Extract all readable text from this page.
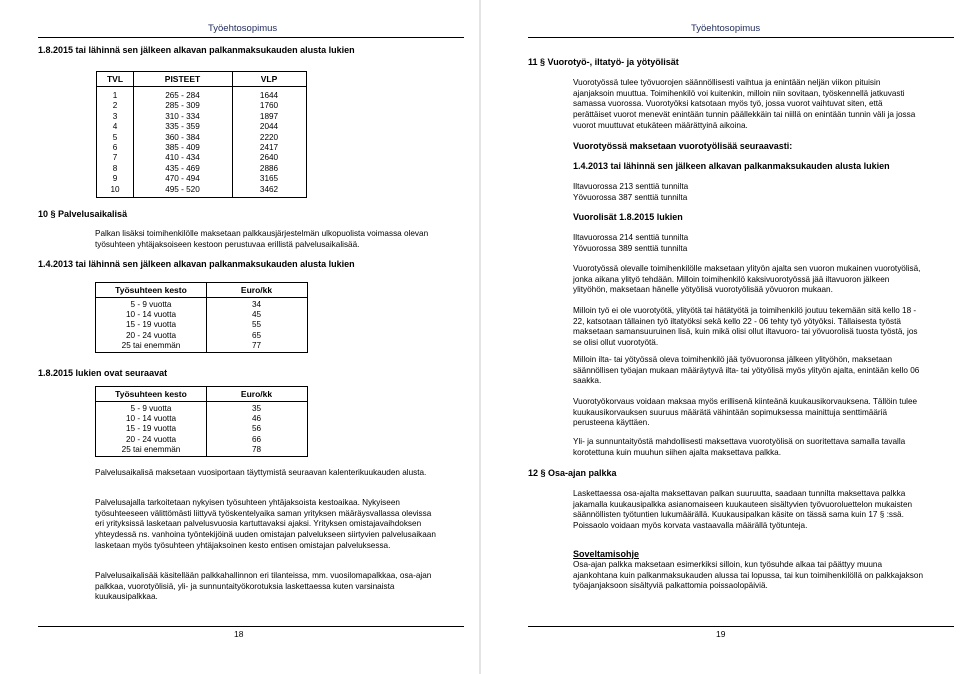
Työehtosopimus
1.8.2015 tai lähinnä sen jälkeen alkavan palkanmaksukauden alusta lukien
TVL	PISTEET	VLP
1	265 - 284	1644
2	285 - 309	1760
3	310 - 334	1897
4	335 - 359	2044
5	360 - 384	2220
6	385 - 409	2417
7	410 - 434	2640
8	435 - 469	2886
9	470 - 494	3165
10	495 - 520	3462
10 § Palvelusaikalisä
Palkan lisäksi toimihenkilölle maksetaan palkkausjärjestelmän ulkopuolista voimassa olevan työsuhteen yhtäjaksoiseen kestoon perustuvaa erillistä palvelusaikalisää.
1.4.2013 tai lähinnä sen jälkeen alkavan palkanmaksukauden alusta lukien
Työsuhteen kesto	Euro/kk
5 - 9 vuotta	34
10 - 14 vuotta	45
15 - 19 vuotta	55
20 - 24 vuotta	65
25 tai enemmän	77
1.8.2015 lukien ovat seuraavat
Työsuhteen kesto	Euro/kk
5 - 9 vuotta	35
10 - 14 vuotta	46
15 - 19 vuotta	56
20 - 24 vuotta	66
25 tai enemmän	78
Palvelusaikalisä maksetaan vuosiportaan täyttymistä seuraavan kalenterikuukauden alusta.
Palvelusajalla tarkoitetaan nykyisen työsuhteen yhtäjaksoista kestoaikaa. Nykyiseen työsuhteeseen välittömästi liittyvä työskentelyaika saman yrityksen määräysvallassa olevissa eri yrityksissä lasketaan palvelusvuosia kartuttavaksi ajaksi. Yrityksen omistajavaihdoksen yhteydessä ns. vanhoina työntekijöinä uuden omistajan palvelukseen siirtyvien palvelusaikaan lasketaan myös työsuhteen yhtäjaksoinen kesto entisen omistajan palveluksessa.
Palvelusaikalisää käsitellään palkkahallinnon eri tilanteissa, mm. vuosilomapalkkaa, osa-ajan palkkaa, vuorotyölisiä, yli- ja sunnuntaityökorotuksia laskettaessa kuten varsinaista kuukausipalkkaa.
18
Työehtosopimus
11 § Vuorotyö-, iltatyö- ja yötyölisät
Vuorotyössä tulee työvuorojen säännöllisesti vaihtua ja enintään neljän viikon pituisin ajanjaksoin muuttua. Toimihenkilö voi kuitenkin, milloin niin sovitaan, työskennellä jatkuvasti samassa vuorossa. Vuorotyöksi katsotaan myös työ, jossa vuorot vaihtuvat siten, että perättäiset vuorot menevät enintään tunnin päällekkäin tai niillä on enintään tunnin väli ja jossa vuorot muuttuvat etukäteen määrättyinä aikoina.
Vuorotyössä maksetaan vuorotyölisää seuraavasti:
1.4.2013 tai lähinnä sen jälkeen alkavan palkanmaksukauden alusta lukien
Iltavuorossa 213 senttiä tunnilta
Yövuorossa 387 senttiä tunnilta
Vuorolisät 1.8.2015 lukien
Iltavuorossa 214 senttiä tunnilta
Yövuorossa 389 senttiä tunnilta
Vuorotyössä olevalle toimihenkilölle maksetaan ylityön ajalta sen vuoron mukainen vuorotyölisä, jonka aikana ylityö tehdään. Milloin toimihenkilö kaksivuorotyössä jää iltavuoron jälkeen ylityöhön, maksetaan hänelle yötyölisä vuorotyölisää yövuoron mukaan.
Milloin työ ei ole vuorotyötä, ylityötä tai hätätyötä ja toimihenkilö joutuu tekemään sitä kello 18 - 22, katsotaan tällainen työ iltatyöksi sekä kello 22 - 06 tehty työ yötyöksi. Tällaisesta työstä maksetaan samansuuruinen lisä, kuin mikä olisi ollut iltavuoro- tai yövuorolisä tuosta työstä, jos se olisi ollut vuorotyötä.
Milloin ilta- tai yötyössä oleva toimihenkilö jää työvuoronsa jälkeen ylityöhön, maksetaan säännöllisen työajan mukaan määräytyvä ilta- tai yötyölisä myös ylityön ajalta, enintään kello 06 saakka.
Vuorotyökorvaus voidaan maksaa myös erillisenä kiinteänä kuukausikorvauksena. Tällöin tulee kuukausikorvauksen suuruus määrätä vähintään sopimuksessa mainittuja senttimääriä perusteena käyttäen.
Yli- ja sunnuntaityöstä mahdollisesti maksettava vuorotyölisä on suoritettava samalla tavalla korotettuna kuin muuhun siihen ajalta maksettava palkka.
12 § Osa-ajan palkka
Laskettaessa osa-ajalta maksettavan palkan suuruutta, saadaan tunnilta maksettava palkka jakamalla kuukausipalkka asianomaiseen kuukauteen sisältyvien työvuoroluettelon mukaisten säännöllisten työtuntien lukumäärällä. Kuukausipalkan käsite on tässä sama kuin 17 § :ssä. Poissaolo voidaan myös korvata vastaavalla määrällä työtunteja.
Soveltamisohje
Osa-ajan palkka maksetaan esimerkiksi silloin, kun työsuhde alkaa tai päättyy muuna ajankohtana kuin palkanmaksukauden alussa tai lopussa, tai kun toimihenkilöllä on palkkajakson työajanjaksoon sisältyviä palkattomia poissaolopäiviä.
19
